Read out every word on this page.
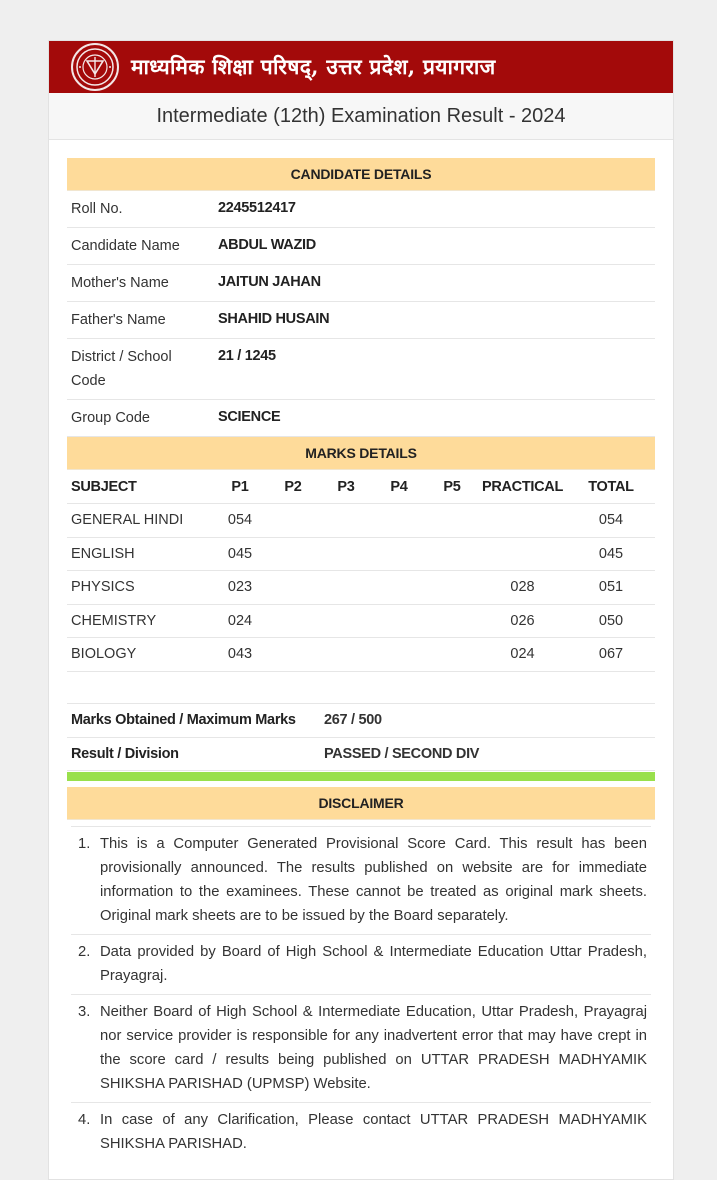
माध्यमिक शिक्षा परिषद्, उत्तर प्रदेश, प्रयागराज
Intermediate (12th) Examination Result - 2024
CANDIDATE DETAILS
Roll No.	2245512417
Candidate Name	ABDUL WAZID
Mother's Name	JAITUN JAHAN
Father's Name	SHAHID HUSAIN
District / School Code	21 / 1245
Group Code	SCIENCE
MARKS DETAILS
SUBJECT	P1	P2	P3	P4	P5	PRACTICAL	TOTAL
GENERAL HINDI	054						054
ENGLISH	045						045
PHYSICS	023					028	051
CHEMISTRY	024					026	050
BIOLOGY	043					024	067
Marks Obtained / Maximum Marks	267 / 500
Result / Division	PASSED / SECOND DIV
DISCLAIMER
1. This is a Computer Generated Provisional Score Card. This result has been provisionally announced. The results published on website are for immediate information to the examinees. These cannot be treated as original mark sheets. Original mark sheets are to be issued by the Board separately.
2. Data provided by Board of High School & Intermediate Education Uttar Pradesh, Prayagraj.
3. Neither Board of High School & Intermediate Education, Uttar Pradesh, Prayagraj nor service provider is responsible for any inadvertent error that may have crept in the score card / results being published on UTTAR PRADESH MADHYAMIK SHIKSHA PARISHAD (UPMSP) Website.
4. In case of any Clarification, Please contact UTTAR PRADESH MADHYAMIK SHIKSHA PARISHAD.
